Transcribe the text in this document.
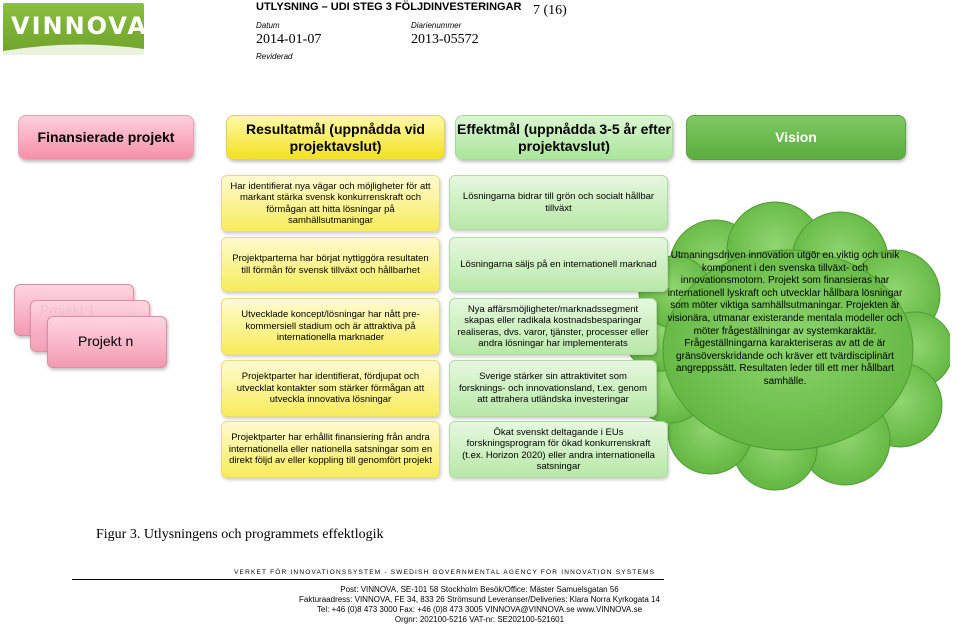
VINNOVA
UTLYSNING – UDI STEG 3 FÖLJDINVESTERINGAR 7 (16)
Datum
2014-01-07
Reviderad
Diarienummer
2013-05572
Finansierade projekt
Resultatmål (uppnådda vid projektavslut)
Effektmål (uppnådda 3-5 år efter projektavslut)
Vision
Projekt n
Har identifierat nya vägar och möjligheter för att markant stärka svensk konkurrenskraft och förmågan att hitta lösningar på samhällsutmaningar
Projektparterna har börjat nyttiggöra resultaten till förmån för svensk tillväxt och hållbarhet
Utvecklade koncept/lösningar har nått pre-kommersiell stadium och är attraktiva på internationella marknader
Projektparter har identifierat, fördjupat och utvecklat kontakter som stärker förmågan att utveckla innovativa lösningar
Projektparter har erhållit finansiering från andra internationella eller nationella satsningar som en direkt följd av eller koppling till genomfört projekt
Utmaningsdriven innovation utgör en viktig och unik komponent i den svenska tillväxt- och innovationsmotorn. Projekt som finansieras har internationell lyskraft och utvecklar hållbara lösningar som möter viktiga samhällsutmaningar. Projekten är visionära, utmanar existerande mentala modeller och möter frågeställningar av systemkaraktär. Frågeställningarna karakteriseras av att de är gränsöverskridande och kräver ett tvärdisciplinärt angreppssätt. Resultaten leder till ett mer hållbart samhälle.
Lösningarna bidrar till grön och socialt hållbar tillväxt
Lösningarna säljs på en internationell marknad
Nya affärsmöjligheter/marknadssegment skapas eller radikala kostnadsbesparingar realiseras, dvs. varor, tjänster, processer eller andra lösningar har implementerats
Sverige stärker sin attraktivitet som forsknings- och innovationsland, t.ex. genom att attrahera utländska investeringar
Ökat svenskt deltagande i EUs forskningsprogram för ökad konkurrenskraft (t.ex. Horizon 2020) eller andra internationella satsningar
Figur 3. Utlysningens och programmets effektlogik
VERKET FÖR INNOVATIONSSYSTEM - SWEDISH GOVERNMENTAL AGENCY FOR INNOVATION SYSTEMS
Post: VINNOVA, SE-101 58 Stockholm Besök/Office: Mäster Samuelsgatan 56
Fakturaadress: VINNOVA, FE 34, 833 26 Strömsund Leveranser/Deliveries: Klara Norra Kyrkogata 14
Tel: +46 (0)8 473 3000 Fax: +46 (0)8 473 3005 VINNOVA@VINNOVA.se www.VINNOVA.se
Orgnr: 202100-5216 VAT-nr: SE202100-521601
